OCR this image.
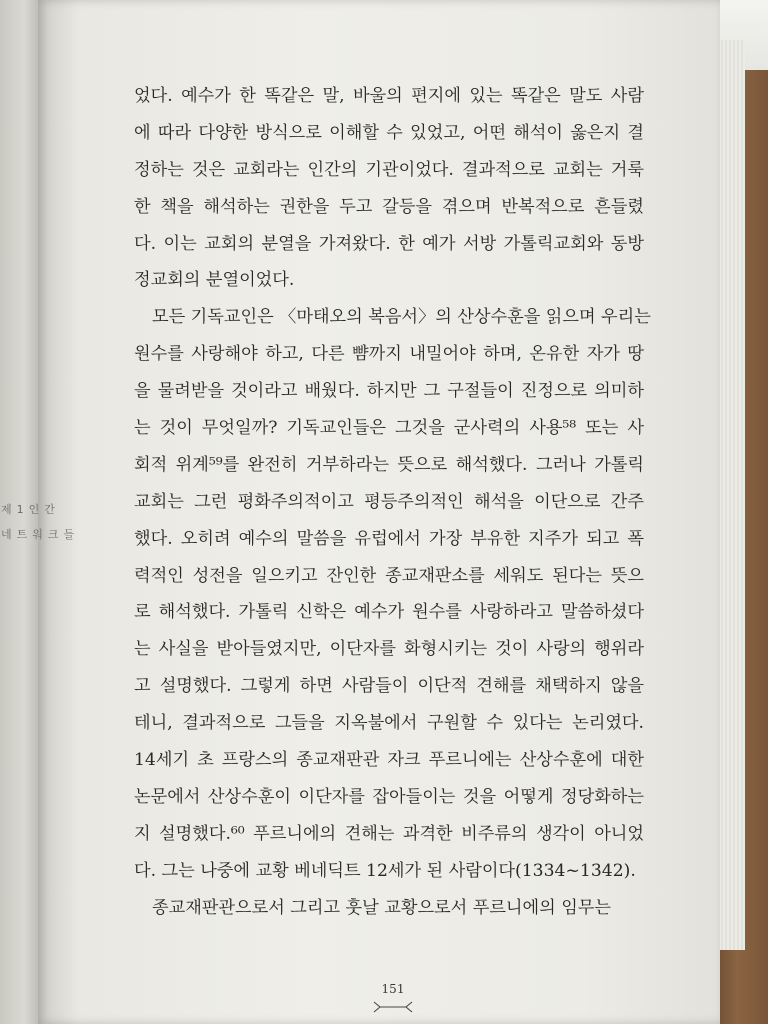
제1인간
네트워크들
었다. 예수가 한 똑같은 말, 바울의 편지에 있는 똑같은 말도 사람
에 따라 다양한 방식으로 이해할 수 있었고, 어떤 해석이 옳은지 결
정하는 것은 교회라는 인간의 기관이었다. 결과적으로 교회는 거룩
한 책을 해석하는 권한을 두고 갈등을 겪으며 반복적으로 흔들렸
다. 이는 교회의 분열을 가져왔다. 한 예가 서방 가톨릭교회와 동방
정교회의 분열이었다.
모든 기독교인은 〈마태오의 복음서〉의 산상수훈을 읽으며 우리는
원수를 사랑해야 하고, 다른 뺨까지 내밀어야 하며, 온유한 자가 땅
을 물려받을 것이라고 배웠다. 하지만 그 구절들이 진정으로 의미하
는 것이 무엇일까? 기독교인들은 그것을 군사력의 사용⁵⁸ 또는 사
회적 위계⁵⁹를 완전히 거부하라는 뜻으로 해석했다. 그러나 가톨릭
교회는 그런 평화주의적이고 평등주의적인 해석을 이단으로 간주
했다. 오히려 예수의 말씀을 유럽에서 가장 부유한 지주가 되고 폭
력적인 성전을 일으키고 잔인한 종교재판소를 세워도 된다는 뜻으
로 해석했다. 가톨릭 신학은 예수가 원수를 사랑하라고 말씀하셨다
는 사실을 받아들였지만, 이단자를 화형시키는 것이 사랑의 행위라
고 설명했다. 그렇게 하면 사람들이 이단적 견해를 채택하지 않을
테니, 결과적으로 그들을 지옥불에서 구원할 수 있다는 논리였다.
14세기 초 프랑스의 종교재판관 자크 푸르니에는 산상수훈에 대한
논문에서 산상수훈이 이단자를 잡아들이는 것을 어떻게 정당화하는
지 설명했다.⁶⁰ 푸르니에의 견해는 과격한 비주류의 생각이 아니었
다. 그는 나중에 교황 베네딕트 12세가 된 사람이다(1334~1342).
종교재판관으로서 그리고 훗날 교황으로서 푸르니에의 임무는
151
